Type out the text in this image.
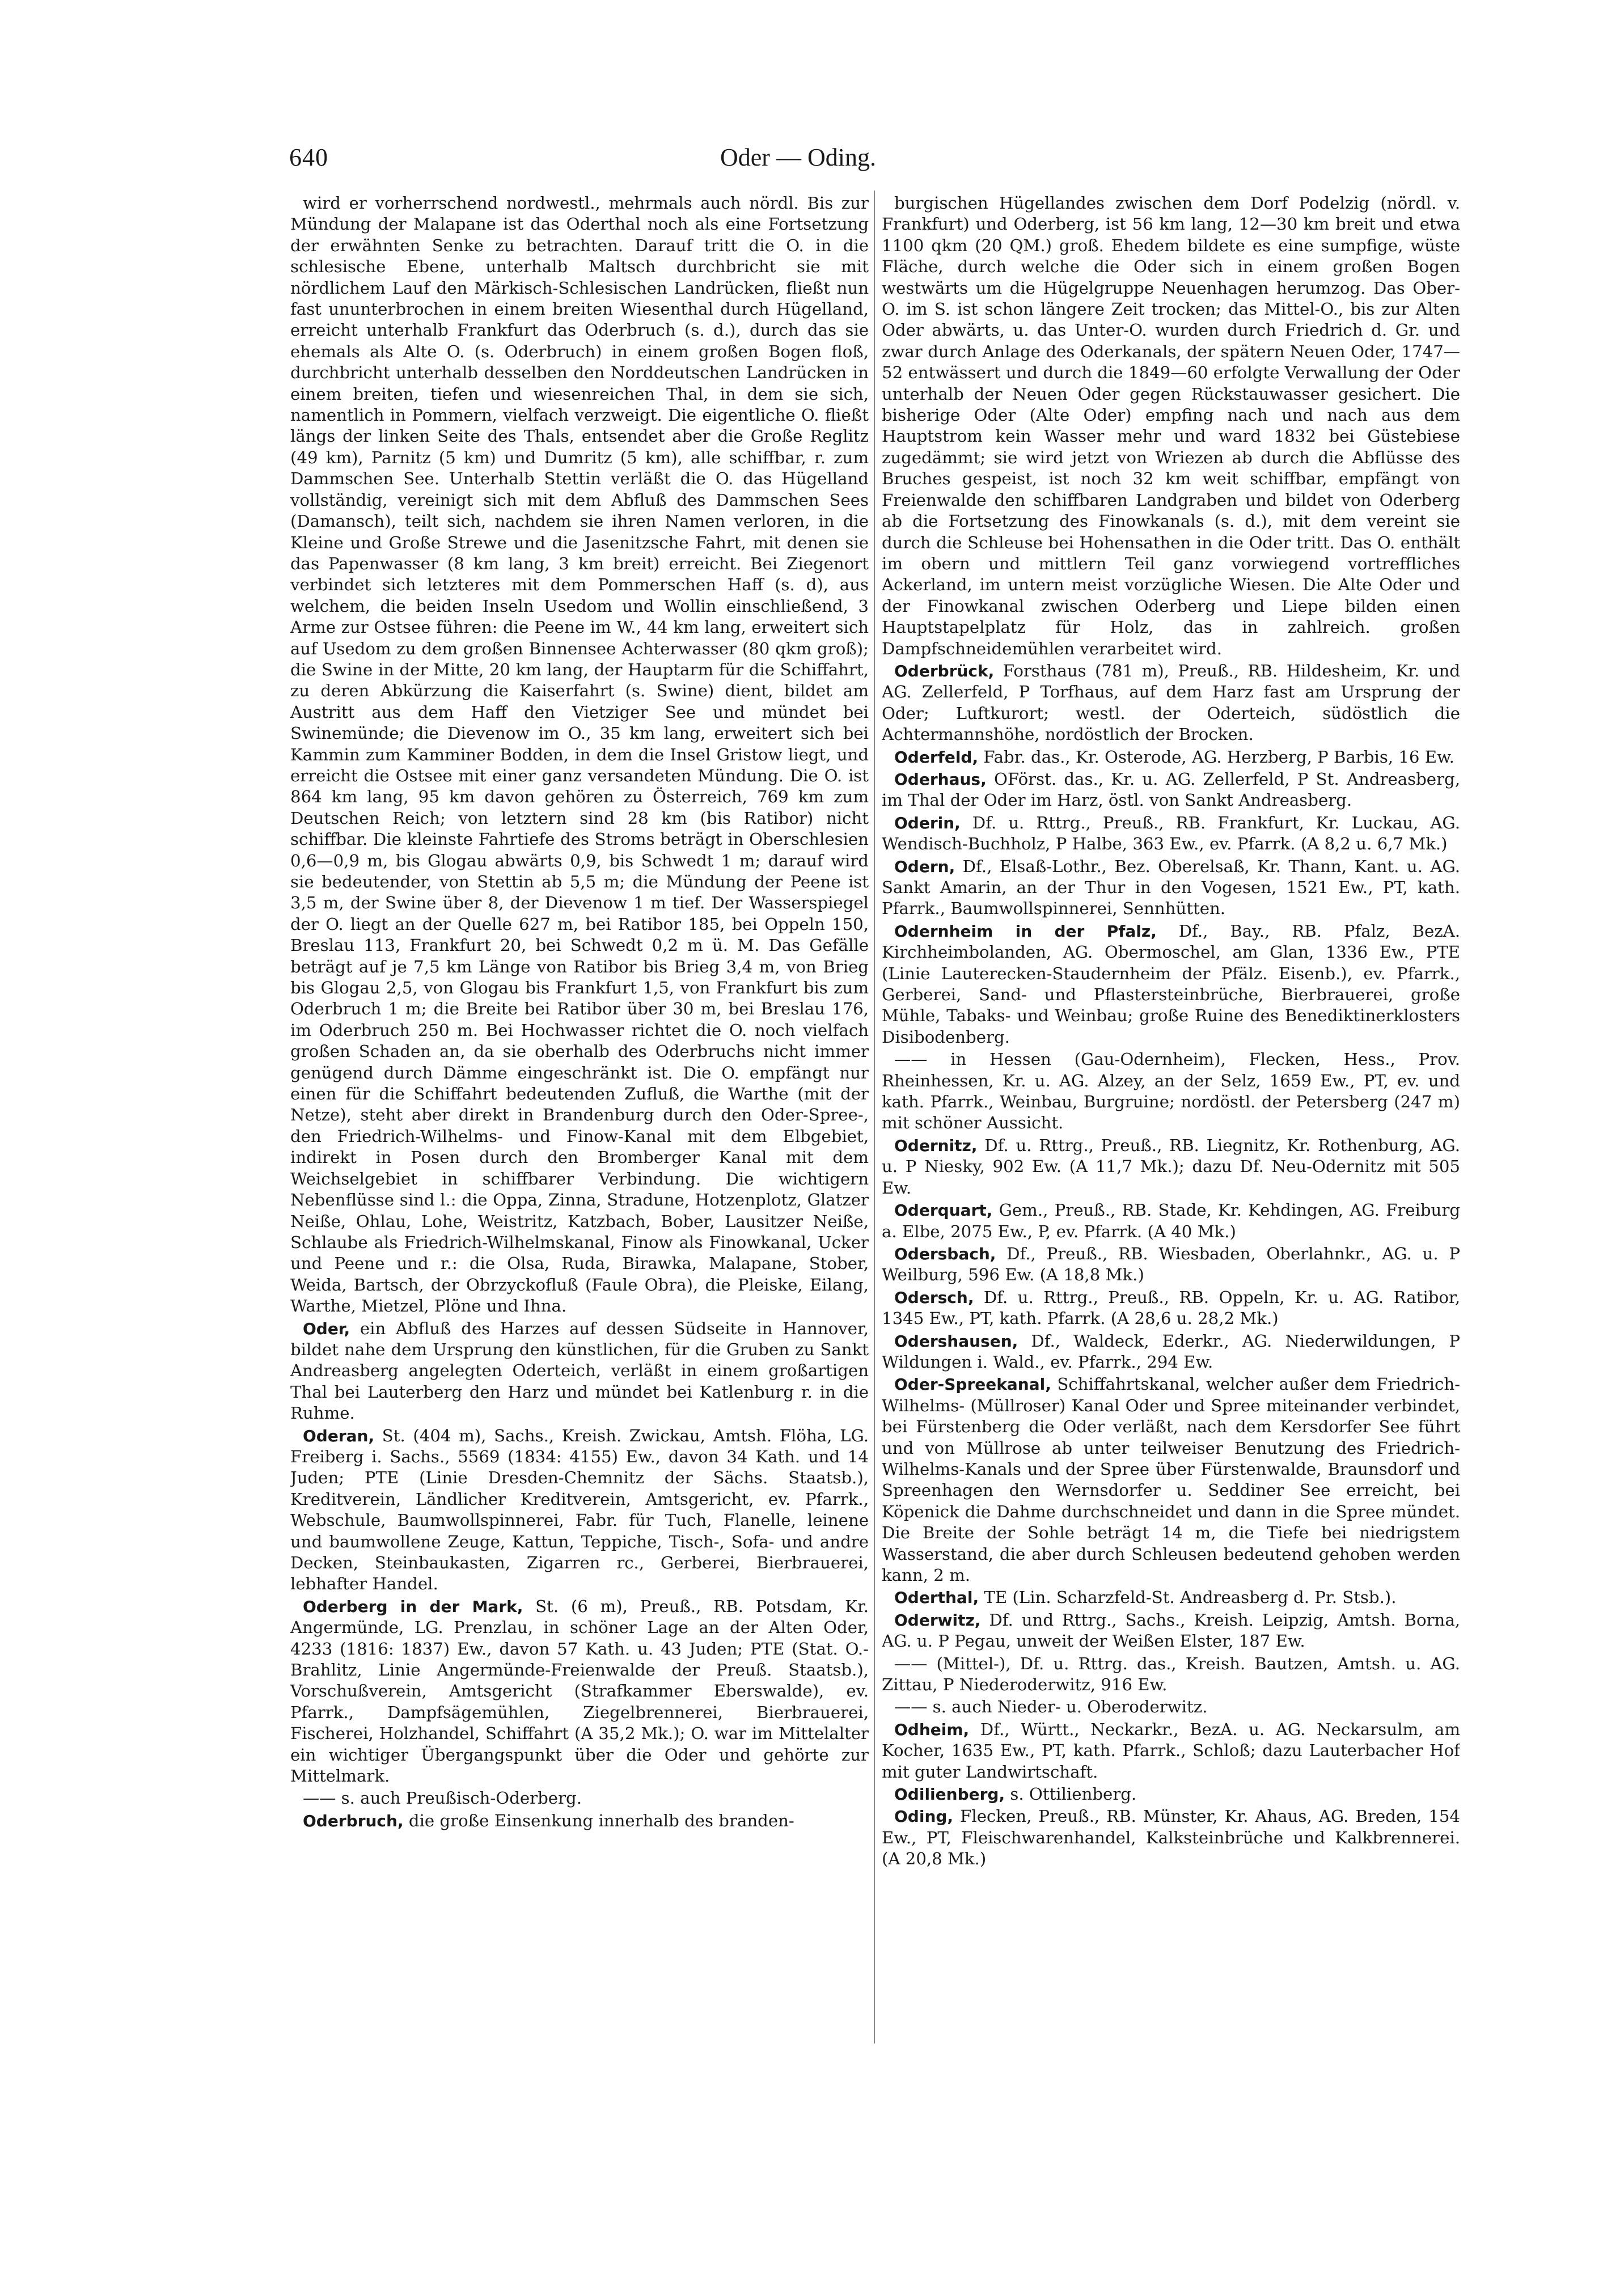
640	Oder — Oding.

wird er vorherrschend nordwestl., mehrmals auch nördl. Bis zur Mündung der Malapane ist das Oderthal noch als eine Fortsetzung der erwähnten Senke zu betrachten. Darauf tritt die O. in die schlesische Ebene, unterhalb Maltsch durchbricht sie mit nördlichem Lauf den Märkisch-Schlesischen Landrücken, fließt nun fast ununterbrochen in einem breiten Wiesenthal durch Hügelland, erreicht unterhalb Frankfurt das Oderbruch (s. d.), durch das sie ehemals als Alte O. (s. Oderbruch) in einem großen Bogen floß, durchbricht unterhalb desselben den Norddeutschen Landrücken in einem breiten, tiefen und wiesenreichen Thal, in dem sie sich, namentlich in Pommern, vielfach verzweigt. Die eigentliche O. fließt längs der linken Seite des Thals, entsendet aber die Große Reglitz (49 km), Parnitz (5 km) und Dumritz (5 km), alle schiffbar, r. zum Dammschen See. Unterhalb Stettin verläßt die O. das Hügelland vollständig, vereinigt sich mit dem Abfluß des Dammschen Sees (Damansch), teilt sich, nachdem sie ihren Namen verloren, in die Kleine und Große Strewe und die Jasenitzsche Fahrt, mit denen sie das Papenwasser (8 km lang, 3 km breit) erreicht. Bei Ziegenort verbindet sich letzteres mit dem Pommerschen Haff (s. d), aus welchem, die beiden Inseln Usedom und Wollin einschließend, 3 Arme zur Ostsee führen: die Peene im W., 44 km lang, erweitert sich auf Usedom zu dem großen Binnensee Achterwasser (80 qkm groß); die Swine in der Mitte, 20 km lang, der Hauptarm für die Schiffahrt, zu deren Abkürzung die Kaiserfahrt (s. Swine) dient, bildet am Austritt aus dem Haff den Vietziger See und mündet bei Swinemünde; die Dievenow im O., 35 km lang, erweitert sich bei Kammin zum Kamminer Bodden, in dem die Insel Gristow liegt, und erreicht die Ostsee mit einer ganz versandeten Mündung. Die O. ist 864 km lang, 95 km davon gehören zu Österreich, 769 km zum Deutschen Reich; von letztern sind 28 km (bis Ratibor) nicht schiffbar. Die kleinste Fahrtiefe des Stroms beträgt in Oberschlesien 0,6—0,9 m, bis Glogau abwärts 0,9, bis Schwedt 1 m; darauf wird sie bedeutender, von Stettin ab 5,5 m; die Mündung der Peene ist 3,5 m, der Swine über 8, der Dievenow 1 m tief. Der Wasserspiegel der O. liegt an der Quelle 627 m, bei Ratibor 185, bei Oppeln 150, Breslau 113, Frankfurt 20, bei Schwedt 0,2 m ü. M. Das Gefälle beträgt auf je 7,5 km Länge von Ratibor bis Brieg 3,4 m, von Brieg bis Glogau 2,5, von Glogau bis Frankfurt 1,5, von Frankfurt bis zum Oderbruch 1 m; die Breite bei Ratibor über 30 m, bei Breslau 176, im Oderbruch 250 m. Bei Hochwasser richtet die O. noch vielfach großen Schaden an, da sie oberhalb des Oderbruchs nicht immer genügend durch Dämme eingeschränkt ist. Die O. empfängt nur einen für die Schiffahrt bedeutenden Zufluß, die Warthe (mit der Netze), steht aber direkt in Brandenburg durch den Oder-Spree-, den Friedrich-Wilhelms- und Finow-Kanal mit dem Elbgebiet, indirekt in Posen durch den Bromberger Kanal mit dem Weichselgebiet in schiffbarer Verbindung. Die wichtigern Nebenflüsse sind l.: die Oppa, Zinna, Stradune, Hotzenplotz, Glatzer Neiße, Ohlau, Lohe, Weistritz, Katzbach, Bober, Lausitzer Neiße, Schlaube als Friedrich-Wilhelmskanal, Finow als Finowkanal, Ucker und Peene und r.: die Olsa, Ruda, Birawka, Malapane, Stober, Weida, Bartsch, der Obrzyckofluß (Faule Obra), die Pleiske, Eilang, Warthe, Mietzel, Plöne und Ihna.

Oder, ein Abfluß des Harzes auf dessen Südseite in Hannover, bildet nahe dem Ursprung den künstlichen, für die Gruben zu Sankt Andreasberg angelegten Oderteich, verläßt in einem großartigen Thal bei Lauterberg den Harz und mündet bei Katlenburg r. in die Ruhme.

Oderan, St. (404 m), Sachs., Kreish. Zwickau, Amtsh. Flöha, LG. Freiberg i. Sachs., 5569 (1834: 4155) Ew., davon 34 Kath. und 14 Juden; PTE (Linie Dresden-Chemnitz der Sächs. Staatsb.), Kreditverein, Ländlicher Kreditverein, Amtsgericht, ev. Pfarrk., Webschule, Baumwollspinnerei, Fabr. für Tuch, Flanelle, leinene und baumwollene Zeuge, Kattun, Teppiche, Tisch-, Sofa- und andre Decken, Steinbaukasten, Zigarren rc., Gerberei, Bierbrauerei, lebhafter Handel.

Oderberg in der Mark, St. (6 m), Preuß., RB. Potsdam, Kr. Angermünde, LG. Prenzlau, in schöner Lage an der Alten Oder, 4233 (1816: 1837) Ew., davon 57 Kath. u. 43 Juden; PTE (Stat. O.-Brahlitz, Linie Angermünde-Freienwalde der Preuß. Staatsb.), Vorschußverein, Amtsgericht (Strafkammer Eberswalde), ev. Pfarrk., Dampfsägemühlen, Ziegelbrennerei, Bierbrauerei, Fischerei, Holzhandel, Schiffahrt (A 35,2 Mk.); O. war im Mittelalter ein wichtiger Übergangspunkt über die Oder und gehörte zur Mittelmark.

—— s. auch Preußisch-Oderberg.

Oderbruch, die große Einsenkung innerhalb des branden-

burgischen Hügellandes zwischen dem Dorf Podelzig (nördl. v. Frankfurt) und Oderberg, ist 56 km lang, 12—30 km breit und etwa 1100 qkm (20 QM.) groß. Ehedem bildete es eine sumpfige, wüste Fläche, durch welche die Oder sich in einem großen Bogen westwärts um die Hügelgruppe Neuenhagen herumzog. Das Ober-O. im S. ist schon längere Zeit trocken; das Mittel-O., bis zur Alten Oder abwärts, u. das Unter-O. wurden durch Friedrich d. Gr. und zwar durch Anlage des Oderkanals, der spätern Neuen Oder, 1747—52 entwässert und durch die 1849—60 erfolgte Verwallung der Oder unterhalb der Neuen Oder gegen Rückstauwasser gesichert. Die bisherige Oder (Alte Oder) empfing nach und nach aus dem Hauptstrom kein Wasser mehr und ward 1832 bei Güstebiese zugedämmt; sie wird jetzt von Wriezen ab durch die Abflüsse des Bruches gespeist, ist noch 32 km weit schiffbar, empfängt von Freienwalde den schiffbaren Landgraben und bildet von Oderberg ab die Fortsetzung des Finowkanals (s. d.), mit dem vereint sie durch die Schleuse bei Hohensathen in die Oder tritt. Das O. enthält im obern und mittlern Teil ganz vorwiegend vortreffliches Ackerland, im untern meist vorzügliche Wiesen. Die Alte Oder und der Finowkanal zwischen Oderberg und Liepe bilden einen Hauptstapelplatz für Holz, das in zahlreich. großen Dampfschneidemühlen verarbeitet wird.

Oderbrück, Forsthaus (781 m), Preuß., RB. Hildesheim, Kr. und AG. Zellerfeld, P Torfhaus, auf dem Harz fast am Ursprung der Oder; Luftkurort; westl. der Oderteich, südöstlich die Achtermannshöhe, nordöstlich der Brocken.

Oderfeld, Fabr. das., Kr. Osterode, AG. Herzberg, P Barbis, 16 Ew.

Oderhaus, OFörst. das., Kr. u. AG. Zellerfeld, P St. Andreasberg, im Thal der Oder im Harz, östl. von Sankt Andreasberg.

Oderin, Df. u. Rttrg., Preuß., RB. Frankfurt, Kr. Luckau, AG. Wendisch-Buchholz, P Halbe, 363 Ew., ev. Pfarrk. (A 8,2 u. 6,7 Mk.)

Odern, Df., Elsaß-Lothr., Bez. Oberelsaß, Kr. Thann, Kant. u. AG. Sankt Amarin, an der Thur in den Vogesen, 1521 Ew., PT, kath. Pfarrk., Baumwollspinnerei, Sennhütten.

Odernheim in der Pfalz, Df., Bay., RB. Pfalz, BezA. Kirchheimbolanden, AG. Obermoschel, am Glan, 1336 Ew., PTE (Linie Lauterecken-Staudernheim der Pfälz. Eisenb.), ev. Pfarrk., Gerberei, Sand- und Pflastersteinbrüche, Bierbrauerei, große Mühle, Tabaks- und Weinbau; große Ruine des Benediktinerklosters Disibodenberg.

—— in Hessen (Gau-Odernheim), Flecken, Hess., Prov. Rheinhessen, Kr. u. AG. Alzey, an der Selz, 1659 Ew., PT, ev. und kath. Pfarrk., Weinbau, Burgruine; nordöstl. der Petersberg (247 m) mit schöner Aussicht.

Odernitz, Df. u. Rttrg., Preuß., RB. Liegnitz, Kr. Rothenburg, AG. u. P Niesky, 902 Ew. (A 11,7 Mk.); dazu Df. Neu-Odernitz mit 505 Ew.

Oderquart, Gem., Preuß., RB. Stade, Kr. Kehdingen, AG. Freiburg a. Elbe, 2075 Ew., P, ev. Pfarrk. (A 40 Mk.)

Odersbach, Df., Preuß., RB. Wiesbaden, Oberlahnkr., AG. u. P Weilburg, 596 Ew. (A 18,8 Mk.)

Odersch, Df. u. Rttrg., Preuß., RB. Oppeln, Kr. u. AG. Ratibor, 1345 Ew., PT, kath. Pfarrk. (A 28,6 u. 28,2 Mk.)

Odershausen, Df., Waldeck, Ederkr., AG. Niederwildungen, P Wildungen i. Wald., ev. Pfarrk., 294 Ew.

Oder-Spreekanal, Schiffahrtskanal, welcher außer dem Friedrich-Wilhelms- (Müllroser) Kanal Oder und Spree miteinander verbindet, bei Fürstenberg die Oder verläßt, nach dem Kersdorfer See führt und von Müllrose ab unter teilweiser Benutzung des Friedrich-Wilhelms-Kanals und der Spree über Fürstenwalde, Braunsdorf und Spreenhagen den Wernsdorfer u. Seddiner See erreicht, bei Köpenick die Dahme durchschneidet und dann in die Spree mündet. Die Breite der Sohle beträgt 14 m, die Tiefe bei niedrigstem Wasserstand, die aber durch Schleusen bedeutend gehoben werden kann, 2 m.

Oderthal, TE (Lin. Scharzfeld-St. Andreasberg d. Pr. Stsb.).

Oderwitz, Df. und Rttrg., Sachs., Kreish. Leipzig, Amtsh. Borna, AG. u. P Pegau, unweit der Weißen Elster, 187 Ew.

—— (Mittel-), Df. u. Rttrg. das., Kreish. Bautzen, Amtsh. u. AG. Zittau, P Niederoderwitz, 916 Ew.

—— s. auch Nieder- u. Oberoderwitz.

Odheim, Df., Württ., Neckarkr., BezA. u. AG. Neckarsulm, am Kocher, 1635 Ew., PT, kath. Pfarrk., Schloß; dazu Lauterbacher Hof mit guter Landwirtschaft.

Odilienberg, s. Ottilienberg.

Oding, Flecken, Preuß., RB. Münster, Kr. Ahaus, AG. Breden, 154 Ew., PT, Fleischwarenhandel, Kalksteinbrüche und Kalkbrennerei. (A 20,8 Mk.)
